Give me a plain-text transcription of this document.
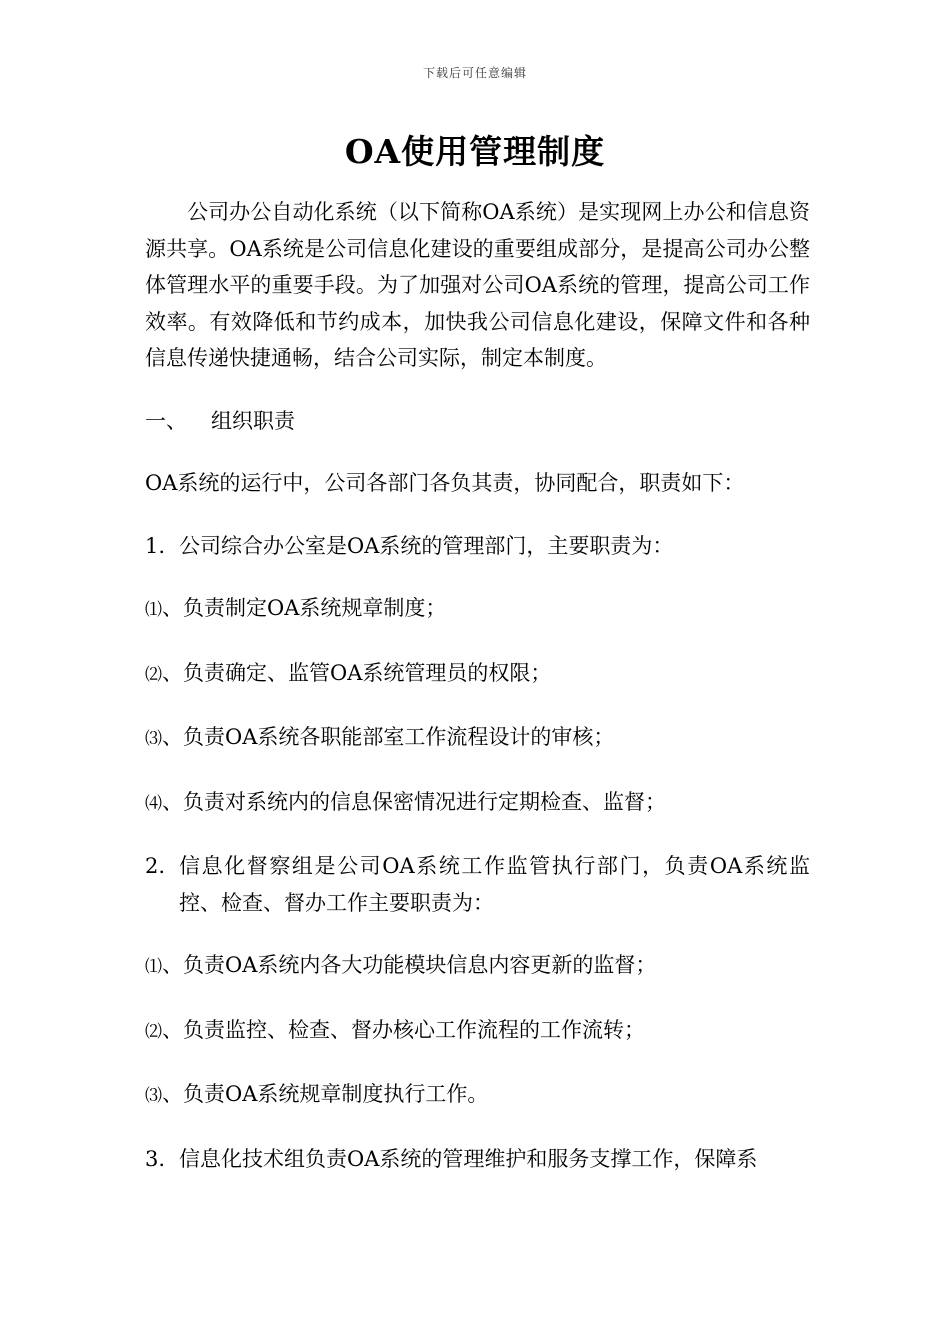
下载后可任意编辑
OA使用管理制度

公司办公自动化系统（以下简称OA系统）是实现网上办公和信息资源共享。OA系统是公司信息化建设的重要组成部分，是提高公司办公整体管理水平的重要手段。为了加强对公司OA系统的管理，提高公司工作效率。有效降低和节约成本，加快我公司信息化建设，保障文件和各种信息传递快捷通畅，结合公司实际，制定本制度。

一、 组织职责

OA系统的运行中，公司各部门各负其责，协同配合，职责如下：

1. 公司综合办公室是OA系统的管理部门，主要职责为：

⑴、负责制定OA系统规章制度；

⑵、负责确定、监管OA系统管理员的权限；

⑶、负责OA系统各职能部室工作流程设计的审核；

⑷、负责对系统内的信息保密情况进行定期检查、监督；

2. 信息化督察组是公司OA系统工作监管执行部门，负责OA系统监控、检查、督办工作主要职责为：

⑴、负责OA系统内各大功能模块信息内容更新的监督；

⑵、负责监控、检查、督办核心工作流程的工作流转；

⑶、负责OA系统规章制度执行工作。

3. 信息化技术组负责OA系统的管理维护和服务支撑工作，保障系
